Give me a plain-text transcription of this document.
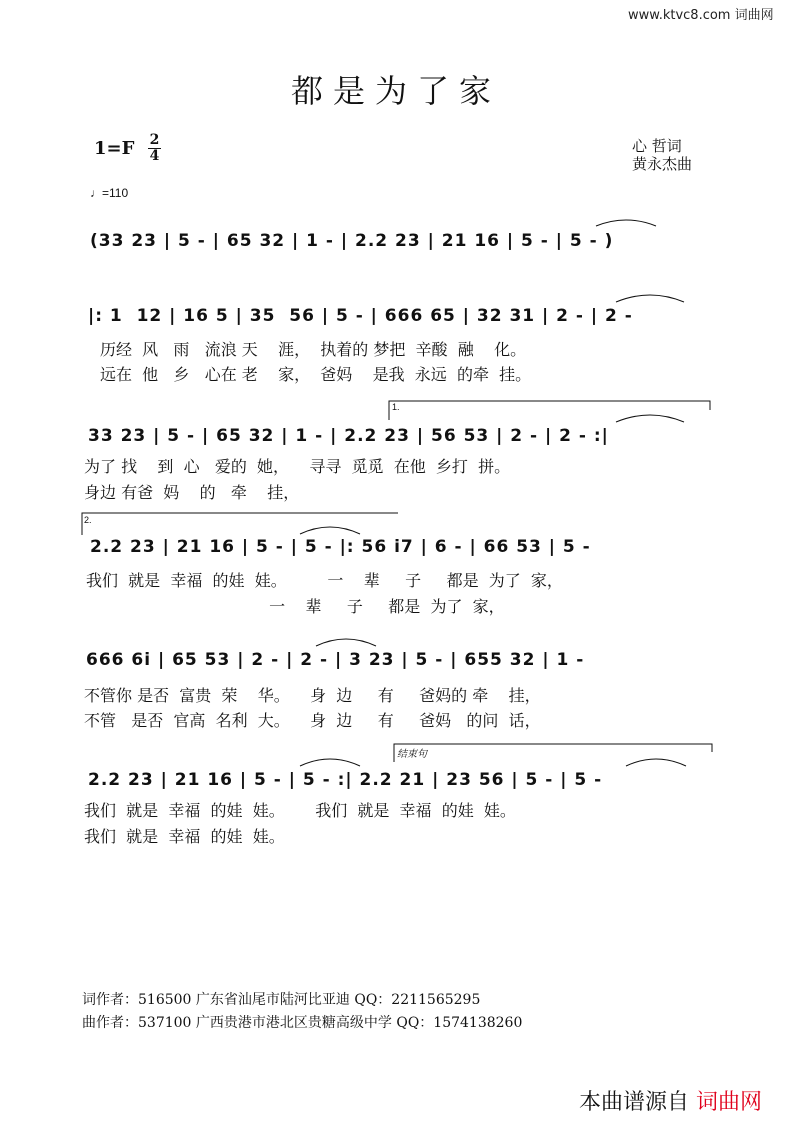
www.ktvc8.com 词曲网
都是为了家
1=F 2
4
心 哲词
黄永杰曲
♩=110
(33 23 | 5 - | 65 32 | 1 - | 2.2 23 | 21 16 | 5 - | 5 - )
|: 1  12 | 16 5 | 35  56 | 5 - | 666 65 | 32 31 | 2 - | 2 -
历经  风   雨   流浪 天    涯，  执着的 梦把  辛酸  融    化。
远在  他   乡   心在 老    家，  爸妈    是我  永远  的牵  挂。
33 23 | 5 - | 65 32 | 1 - | 2.2 23 | 56 53 | 2 - | 2 - :|
为了 找    到  心   爱的  她，    寻寻  觅觅  在他  乡打  拼。
身边 有爸  妈    的   牵    挂，
2.2 23 | 21 16 | 5 - | 5 - |: 56 i7 | 6 - | 66 53 | 5 -
我们  就是  幸福  的娃  娃。        一    辈     子     都是  为了  家，
一    辈     子     都是  为了  家，
666 6i | 65 53 | 2 - | 2 - | 3 23 | 5 - | 655 32 | 1 -
不管你 是否  富贵  荣    华。    身  边     有     爸妈的 牵    挂，
不管   是否  官高  名利  大。    身  边     有     爸妈   的问  话，
2.2 23 | 21 16 | 5 - | 5 - :| 2.2 21 | 23 56 | 5 - | 5 -
我们  就是  幸福  的娃  娃。      我们  就是  幸福  的娃  娃。
我们  就是  幸福  的娃  娃。
1.
2.
结束句
词作者：516500 广东省汕尾市陆河比亚迪 QQ：2211565295
曲作者：537100 广西贵港市港北区贵糖高级中学 QQ：1574138260
本曲谱源自 词曲网
